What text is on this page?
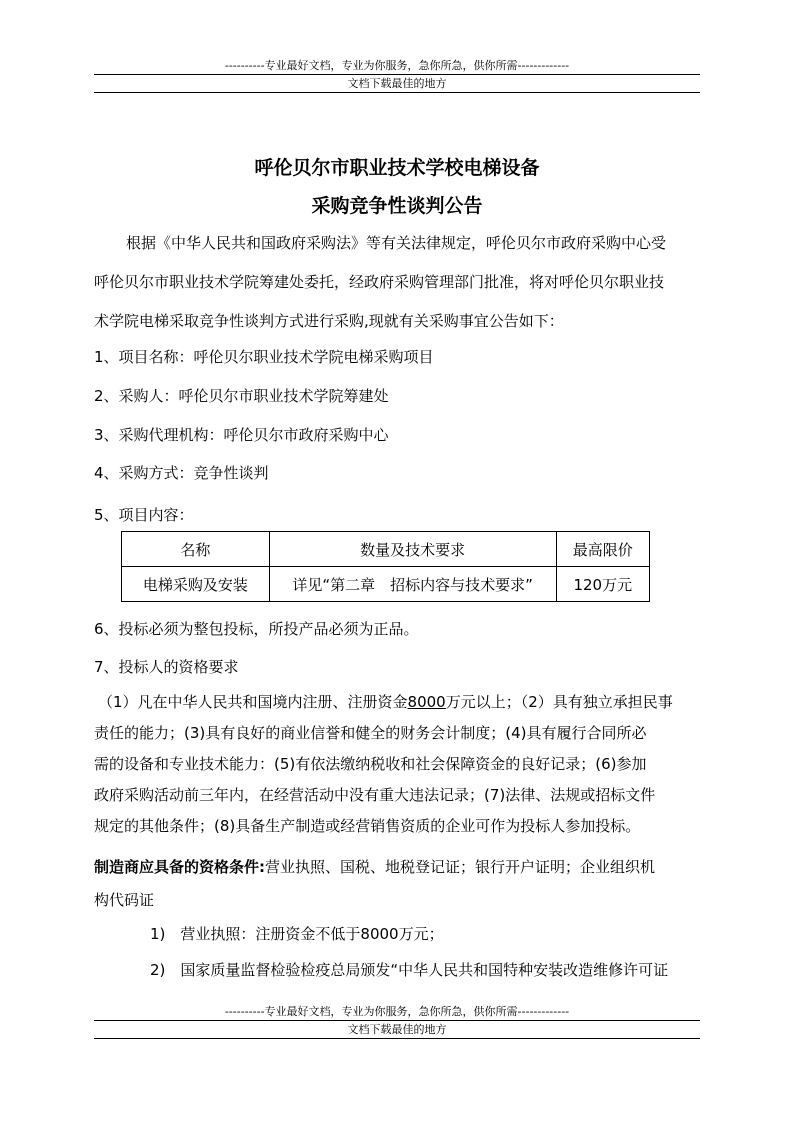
----------专业最好文档，专业为你服务，急你所急，供你所需-------------
文档下载最佳的地方
呼伦贝尔市职业技术学校电梯设备
采购竞争性谈判公告
根据《中华人民共和国政府采购法》等有关法律规定，呼伦贝尔市政府采购中心受
呼伦贝尔市职业技术学院筹建处委托，经政府采购管理部门批准，将对呼伦贝尔职业技
术学院电梯采取竞争性谈判方式进行采购,现就有关采购事宜公告如下：
1、项目名称：呼伦贝尔职业技术学院电梯采购项目
2、采购人：呼伦贝尔市职业技术学院筹建处
3、采购代理机构：呼伦贝尔市政府采购中心
4、采购方式：竞争性谈判
5、项目内容：
名称	数量及技术要求	最高限价
电梯采购及安装	详见“第二章　招标内容与技术要求”	120万元
6、投标必须为整包投标，所投产品必须为正品。
7、投标人的资格要求
（1）凡在中华人民共和国境内注册、注册资金8000万元以上；（2）具有独立承担民事
责任的能力；(3)具有良好的商业信誉和健全的财务会计制度；(4)具有履行合同所必
需的设备和专业技术能力：(5)有依法缴纳税收和社会保障资金的良好记录；(6)参加
政府采购活动前三年内，在经营活动中没有重大违法记录；(7)法律、法规或招标文件
规定的其他条件；(8)具备生产制造或经营销售资质的企业可作为投标人参加投标。
制造商应具备的资格条件:营业执照、国税、地税登记证；银行开户证明；企业组织机
构代码证
1)　营业执照：注册资金不低于8000万元；
2)　国家质量监督检验检疫总局颁发“中华人民共和国特种安装改造维修许可证
----------专业最好文档，专业为你服务，急你所急，供你所需-------------
文档下载最佳的地方
